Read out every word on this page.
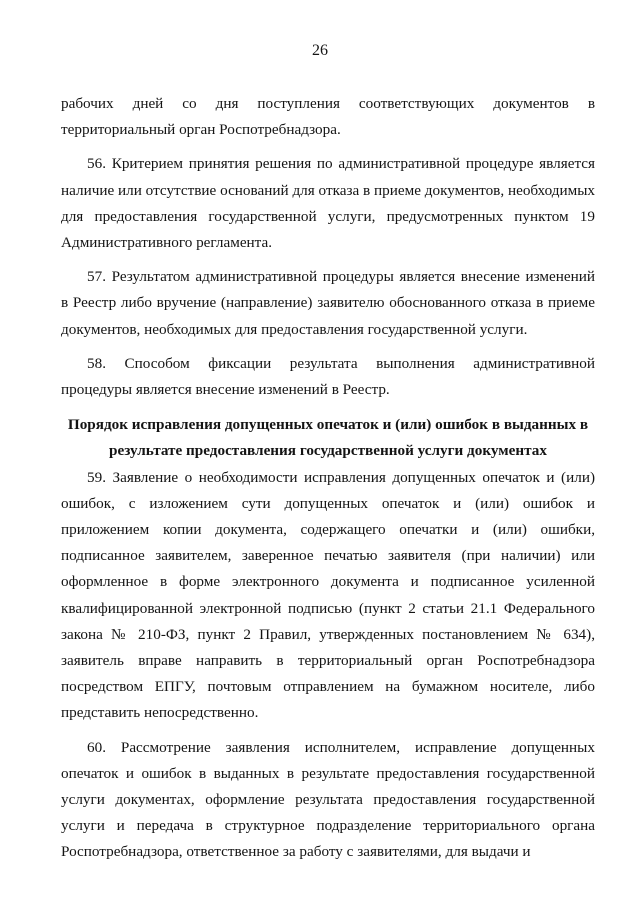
26

рабочих дней со дня поступления соответствующих документов в территориальный орган Роспотребнадзора.

56. Критерием принятия решения по административной процедуре является наличие или отсутствие оснований для отказа в приеме документов, необходимых для предоставления государственной услуги, предусмотренных пунктом 19 Административного регламента.

57. Результатом административной процедуры является внесение изменений в Реестр либо вручение (направление) заявителю обоснованного отказа в приеме документов, необходимых для предоставления государственной услуги.

58. Способом фиксации результата выполнения административной процедуры является внесение изменений в Реестр.

Порядок исправления допущенных опечаток и (или) ошибок в выданных в результате предоставления государственной услуги документах

59. Заявление о необходимости исправления допущенных опечаток и (или) ошибок, с изложением сути допущенных опечаток и (или) ошибок и приложением копии документа, содержащего опечатки и (или) ошибки, подписанное заявителем, заверенное печатью заявителя (при наличии) или оформленное в форме электронного документа и подписанное усиленной квалифицированной электронной подписью (пункт 2 статьи 21.1 Федерального закона № 210-ФЗ, пункт 2 Правил, утвержденных постановлением № 634), заявитель вправе направить в территориальный орган Роспотребнадзора посредством ЕПГУ, почтовым отправлением на бумажном носителе, либо представить непосредственно.

60. Рассмотрение заявления исполнителем, исправление допущенных опечаток и ошибок в выданных в результате предоставления государственной услуги документах, оформление результата предоставления государственной услуги и передача в структурное подразделение территориального органа Роспотребнадзора, ответственное за работу с заявителями, для выдачи и
